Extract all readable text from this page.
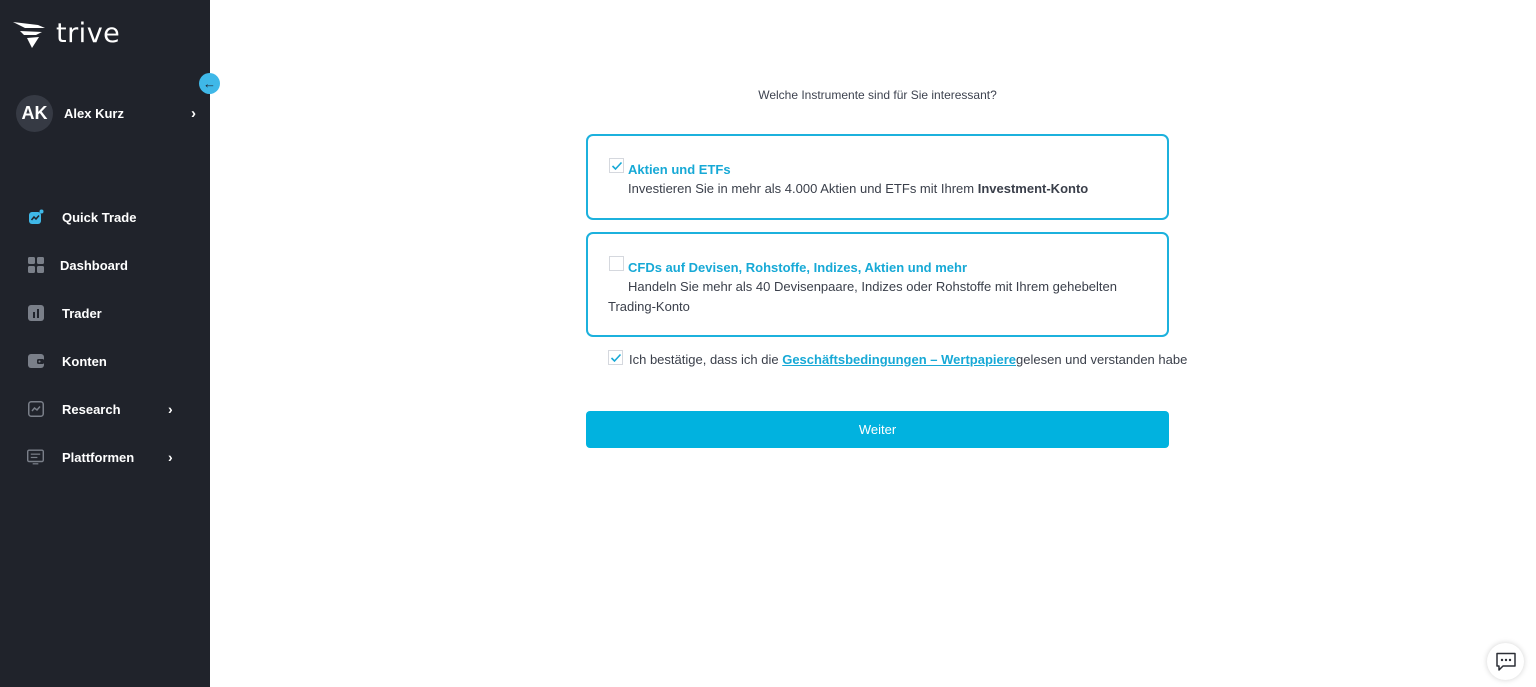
trive
AK	Alex Kurz	›
Quick Trade
Dashboard
Trader
Konten
Research	›
Plattformen ›
←
Welche Instrumente sind für Sie interessant?
Aktien und ETFs
Investieren Sie in mehr als 4.000 Aktien und ETFs mit Ihrem Investment-Konto
CFDs auf Devisen, Rohstoffe, Indizes, Aktien und mehr
Handeln Sie mehr als 40 Devisenpaare, Indizes oder Rohstoffe mit Ihrem gehebelten
Trading-Konto
Ich bestätige, dass ich die Geschäftsbedingungen – Wertpapieregelesen und verstanden habe
Weiter
